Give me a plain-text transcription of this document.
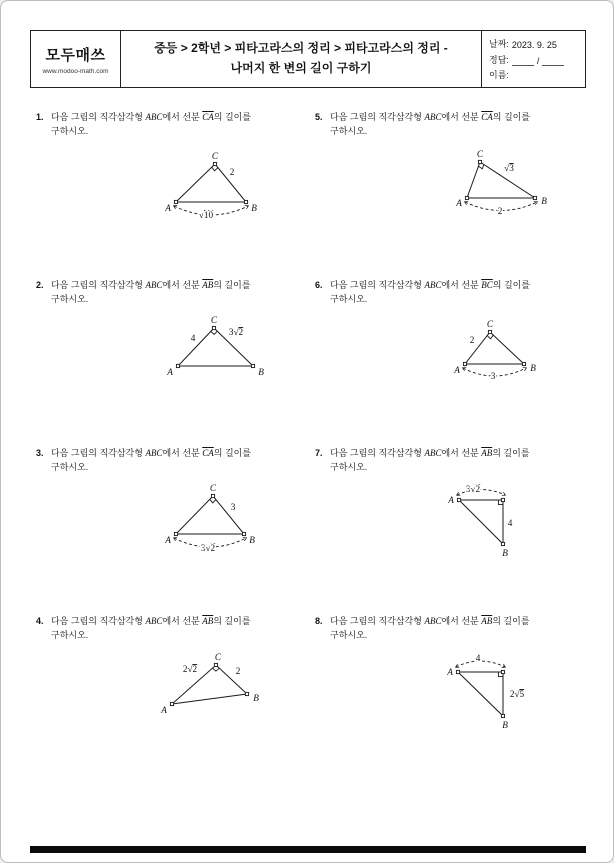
모두매쓰
www.modoo-math.com
중등 > 2학년 > 피타고라스의 정리 > 피타고라스의 정리 -
나머지 한 변의 길이 구하기
날짜: 2023. 9. 25
정답:	/
이름:
1. 다음 그림의 직각삼각형 ABC에서 선분 $\overline{CA}$의 길이를
구하시오.
√10
2
A	B
C
2. 다음 그림의 직각삼각형 ABC에서 선분 $\overline{AB}$의 길이를
구하시오.
4
3√2
A	B
C
3. 다음 그림의 직각삼각형 ABC에서 선분 $\overline{CA}$의 길이를
구하시오.
3√2
3
A	B
C
4. 다음 그림의 직각삼각형 ABC에서 선분 $\overline{AB}$의 길이를
구하시오.
2√2	2
A
B
C
5. 다음 그림의 직각삼각형 ABC에서 선분 $\overline{CA}$의 길이를
구하시오.
2
√3
A	B
C
6. 다음 그림의 직각삼각형 ABC에서 선분 $\overline{BC}$의 길이를
구하시오.
3
2
A	B
C
7. 다음 그림의 직각삼각형 ABC에서 선분 $\overline{AB}$의 길이를
구하시오.
3√2
4
A
B
8. 다음 그림의 직각삼각형 ABC에서 선분 $\overline{AB}$의 길이를
구하시오.
4
2√5
A
B
